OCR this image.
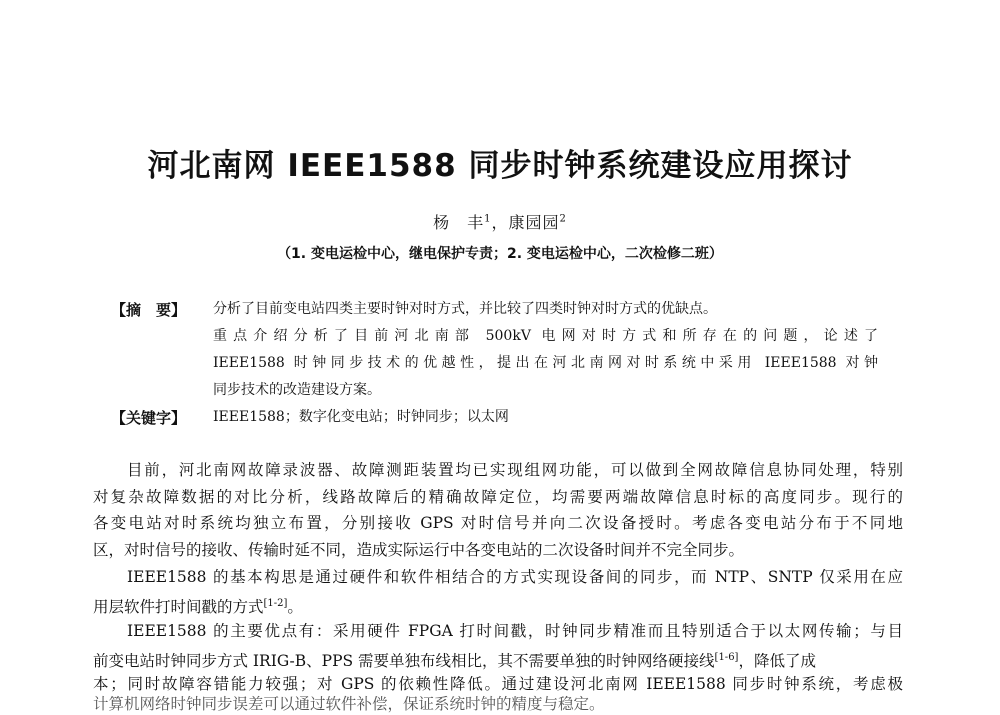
河北南网 IEEE1588 同步时钟系统建设应用探讨
杨　丰$^1$，康园园$^2$
（1. 变电运检中心，继电保护专责；2. 变电运检中心，二次检修二班）
【摘　要】 分析了目前变电站四类主要时钟对时方式，并比较了四类时钟对时方式的优缺点。
重点介绍分析了目前河北南部 500kV 电网对时方式和所存在的问题，论述了
IEEE1588 时钟同步技术的优越性，提出在河北南网对时系统中采用 IEEE1588 对钟
同步技术的改造建设方案。
【关键字】 IEEE1588；数字化变电站；时钟同步；以太网
目前，河北南网故障录波器、故障测距装置均已实现组网功能，可以做到全网故障信息协同处理，特别
对复杂故障数据的对比分析，线路故障后的精确故障定位，均需要两端故障信息时标的高度同步。现行的
各变电站对时系统均独立布置，分别接收 GPS 对时信号并向二次设备授时。考虑各变电站分布于不同地
区，对时信号的接收、传输时延不同，造成实际运行中各变电站的二次设备时间并不完全同步。
IEEE1588 的基本构思是通过硬件和软件相结合的方式实现设备间的同步，而 NTP、SNTP 仅采用在应
用层软件打时间戳的方式[1-2]。
IEEE1588 的主要优点有：采用硬件 FPGA 打时间戳，时钟同步精准而且特别适合于以太网传输；与目
前变电站时钟同步方式 IRIG-B、PPS 需要单独布线相比，其不需要单独的时钟网络硬接线[1-6]，降低了成
本；同时故障容错能力较强；对 GPS 的依赖性降低。通过建设河北南网 IEEE1588 同步时钟系统，考虑极
计算机网络时钟同步误差可以通过软件补偿，保证系统时钟的精度与稳定。
